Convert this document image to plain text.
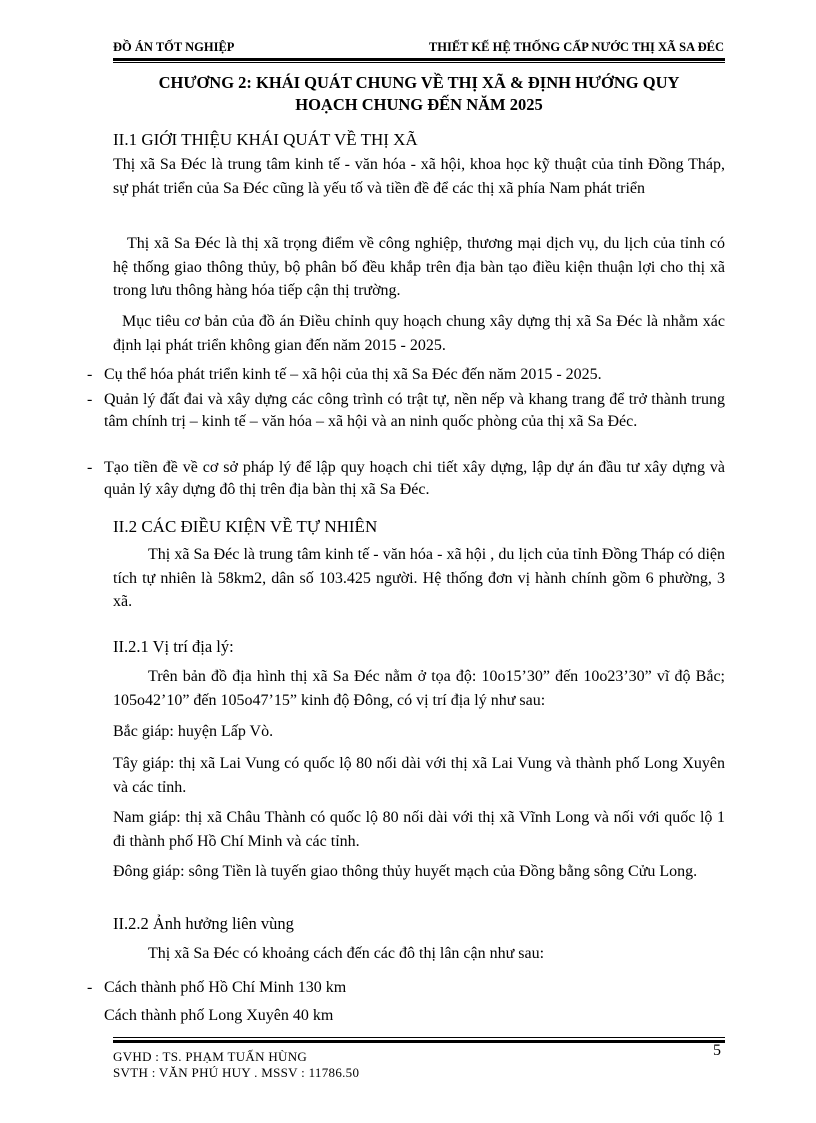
ĐỒ ÁN TỐT NGHIỆP	THIẾT KẾ HỆ THỐNG CẤP NƯỚC THỊ XÃ SA ĐÉC
CHƯƠNG 2: KHÁI QUÁT CHUNG VỀ THỊ XÃ & ĐỊNH HƯỚNG QUY
HOẠCH CHUNG ĐẾN NĂM 2025
II.1 GIỚI THIỆU KHÁI QUÁT VỀ THỊ XÃ
Thị xã Sa Đéc là trung tâm kinh tế - văn hóa - xã hội, khoa học kỹ thuật của tỉnh Đồng Tháp, sự phát triển của Sa Đéc cũng là yếu tố và tiền đề để các thị xã phía Nam phát triển
Thị xã Sa Đéc là thị xã trọng điểm về công nghiệp, thương mại dịch vụ, du lịch của tỉnh có hệ thống giao thông thủy, bộ phân bố đều khắp trên địa bàn tạo điều kiện thuận lợi cho thị xã trong lưu thông hàng hóa tiếp cận thị trường.
Mục tiêu cơ bản của đồ án Điều chỉnh quy hoạch chung xây dựng thị xã Sa Đéc là nhằm xác định lại phát triển không gian đến năm 2015 - 2025.
- Cụ thể hóa phát triển kinh tế – xã hội của thị xã Sa Đéc đến năm 2015 - 2025.
- Quản lý đất đai và xây dựng các công trình có trật tự, nền nếp và khang trang để trở thành trung tâm chính trị – kinh tế – văn hóa – xã hội và an ninh quốc phòng của thị xã Sa Đéc.
- Tạo tiền đề về cơ sở pháp lý để lập quy hoạch chi tiết xây dựng, lập dự án đầu tư xây dựng và quản lý xây dựng đô thị trên địa bàn thị xã Sa Đéc.
II.2 CÁC ĐIỀU KIỆN VỀ TỰ NHIÊN
Thị xã Sa Đéc là trung tâm kinh tế - văn hóa - xã hội , du lịch của tỉnh Đồng Tháp có diện tích tự nhiên là 58km2, dân số 103.425 người. Hệ thống đơn vị hành chính gồm 6 phường, 3 xã.
II.2.1 Vị trí địa lý:
Trên bản đồ địa hình thị xã Sa Đéc nằm ở tọa độ: 10o15’30” đến 10o23’30” vĩ độ Bắc; 105o42’10” đến 105o47’15” kinh độ Đông, có vị trí địa lý như sau:
Bắc giáp: huyện Lấp Vò.
Tây giáp: thị xã Lai Vung có quốc lộ 80 nối dài với thị xã Lai Vung và thành phố Long Xuyên và các tỉnh.
Nam giáp: thị xã Châu Thành có quốc lộ 80 nối dài với thị xã Vĩnh Long và nối với quốc lộ 1 đi thành phố Hồ Chí Minh và các tỉnh.
Đông giáp: sông Tiền là tuyến giao thông thủy huyết mạch của Đồng bằng sông Cửu Long.
II.2.2 Ảnh hưởng liên vùng
Thị xã Sa Đéc có khoảng cách đến các đô thị lân cận như sau:
- Cách thành phố Hồ Chí Minh 130 km
Cách thành phố Long Xuyên 40 km
5
GVHD : TS. PHẠM TUẤN HÙNG
SVTH : VĂN PHÚ HUY . MSSV : 11786.50
